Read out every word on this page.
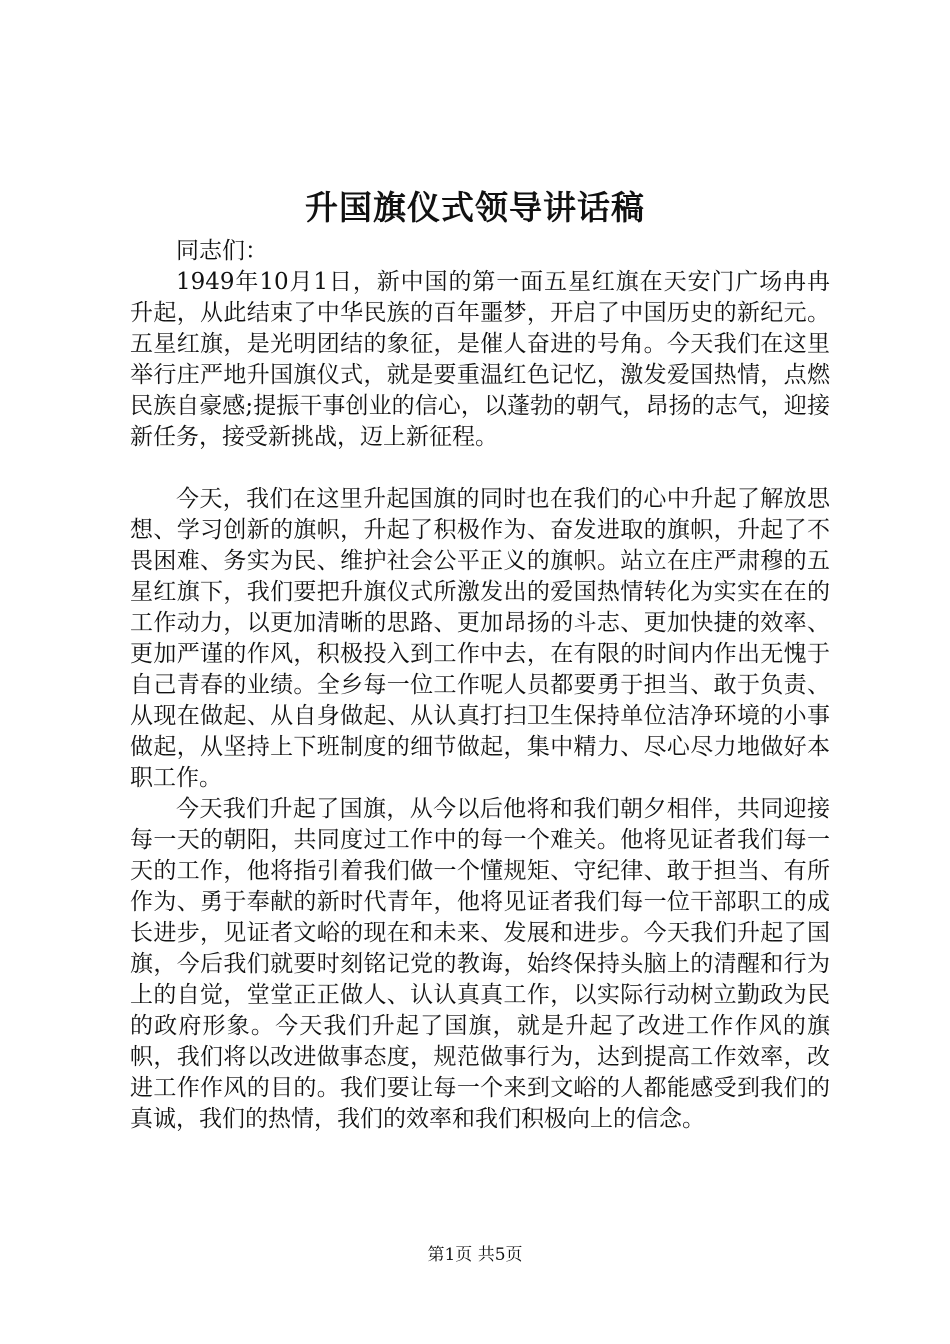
升国旗仪式领导讲话稿

同志们：

1949年10月1日，新中国的第一面五星红旗在天安门广场冉冉升起，从此结束了中华民族的百年噩梦，开启了中国历史的新纪元。五星红旗，是光明团结的象征，是催人奋进的号角。今天我们在这里举行庄严地升国旗仪式，就是要重温红色记忆，激发爱国热情，点燃民族自豪感;提振干事创业的信心，以蓬勃的朝气，昂扬的志气，迎接新任务，接受新挑战，迈上新征程。

今天，我们在这里升起国旗的同时也在我们的心中升起了解放思想、学习创新的旗帜，升起了积极作为、奋发进取的旗帜，升起了不畏困难、务实为民、维护社会公平正义的旗帜。站立在庄严肃穆的五星红旗下，我们要把升旗仪式所激发出的爱国热情转化为实实在在的工作动力，以更加清晰的思路、更加昂扬的斗志、更加快捷的效率、更加严谨的作风，积极投入到工作中去，在有限的时间内作出无愧于自己青春的业绩。全乡每一位工作呢人员都要勇于担当、敢于负责、从现在做起、从自身做起、从认真打扫卫生保持单位洁净环境的小事做起，从坚持上下班制度的细节做起，集中精力、尽心尽力地做好本职工作。

今天我们升起了国旗，从今以后他将和我们朝夕相伴，共同迎接每一天的朝阳，共同度过工作中的每一个难关。他将见证者我们每一天的工作，他将指引着我们做一个懂规矩、守纪律、敢于担当、有所作为、勇于奉献的新时代青年，他将见证者我们每一位干部职工的成长进步，见证者文峪的现在和未来、发展和进步。今天我们升起了国旗，今后我们就要时刻铭记党的教诲，始终保持头脑上的清醒和行为上的自觉，堂堂正正做人、认认真真工作，以实际行动树立勤政为民的政府形象。今天我们升起了国旗，就是升起了改进工作作风的旗帜，我们将以改进做事态度，规范做事行为，达到提高工作效率，改进工作作风的目的。我们要让每一个来到文峪的人都能感受到我们的真诚，我们的热情，我们的效率和我们积极向上的信念。

第1页 共5页
